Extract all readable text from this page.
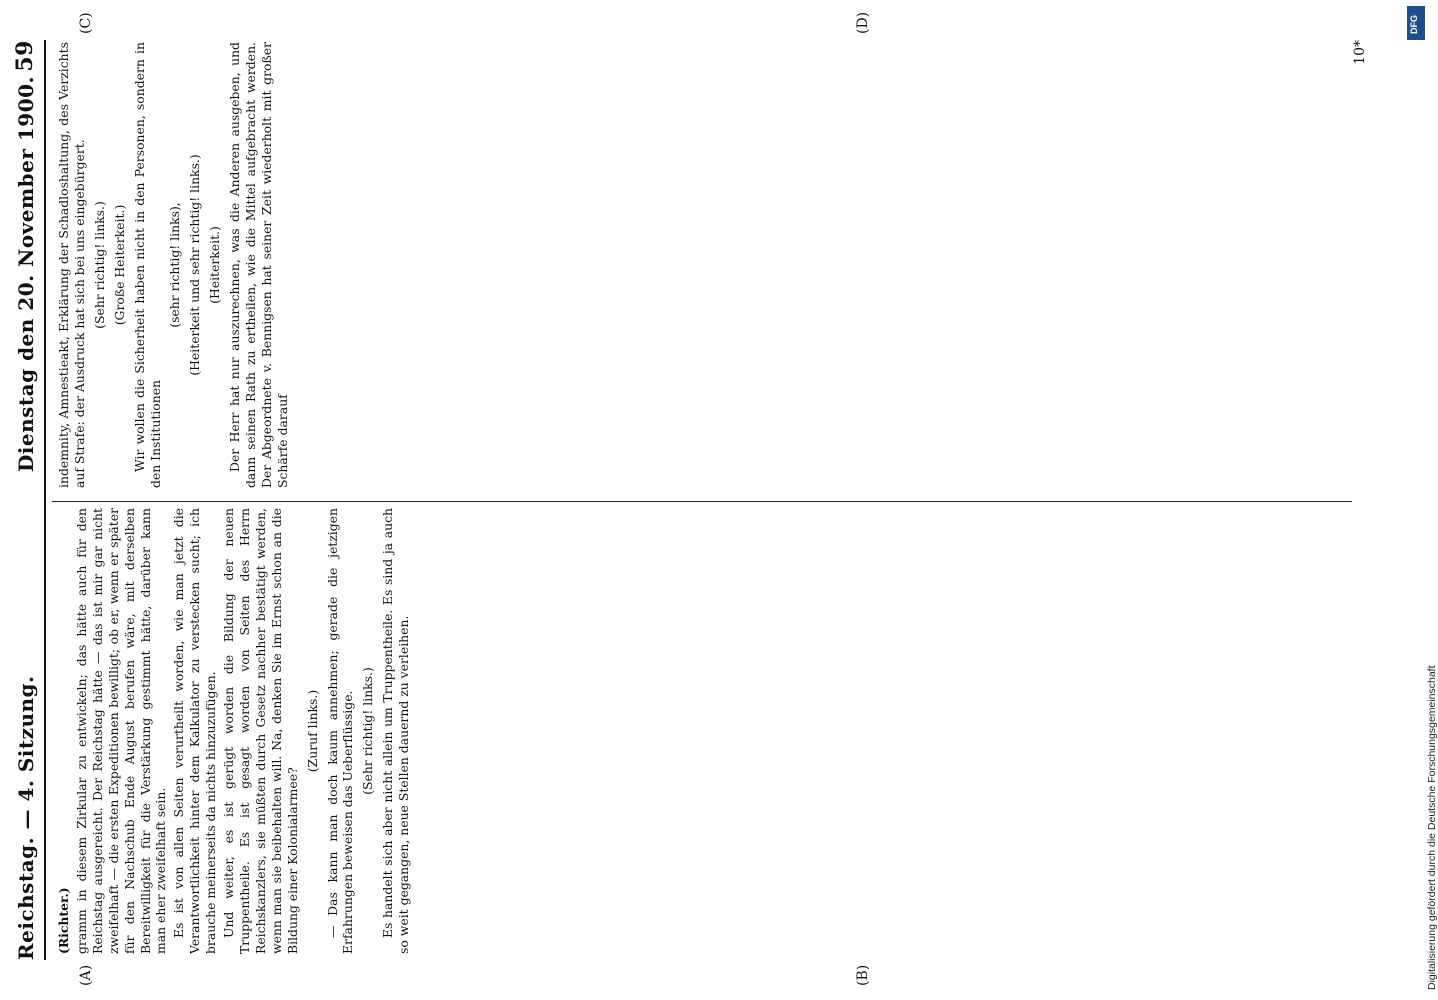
Reichstag. — 4. Sitzung.
Dienstag den 20. November 1900.
59
(A)	(B)
(C)	(D)

(Richter.) gramm in diesem Zirkular zu entwickeln; das hätte auch für den Reichstag ausgereicht. Der Reichstag hätte — das ist mir gar nicht zweifelhaft — die ersten Expeditionen bewilligt; ob er, wenn er später für den Nachschub Ende August berufen wäre, mit derselben Bereitwilligkeit für die Verstärkung gestimmt hätte, darüber kann man eher zweifelhaft sein. Es ist von allen Seiten verurtheilt worden, wie man jetzt die Verantwortlichkeit hinter dem Kalkulator zu verstecken sucht; ich brauche meinerseits da nichts hinzuzufügen. Und weiter, es ist gerügt worden die Bildung der neuen Truppentheile. Es ist gesagt worden von Seiten des Herrn Reichskanzlers, sie müßten durch Gesetz nachher bestätigt werden, wenn man sie beibehalten will. Na, denken Sie im Ernst schon an die Bildung einer Kolonialarmee?

(Zuruf links.) — Das kann man doch kaum annehmen; gerade die jetzigen Erfahrungen beweisen das Ueberflüssige. (Sehr richtig! links.) Es handelt sich aber nicht allein um Truppentheile. Es sind ja auch so weit gegangen, neue Stellen dauernd zu verleihen.

indemnity, Amnestieakt, Erklärung der Schadloshaltung, des Verzichts auf Strafe: der Ausdruck hat sich bei uns eingebürgert. (Sehr richtig! links.) (Große Heiterkeit.) Wir wollen die Sicherheit haben nicht in den Personen, sondern in den Institutionen

(sehr richtig! links), (Heiterkeit und sehr richtig! links.) (Heiterkeit.) Der Herr hat nur auszurechnen, was die Anderen ausgeben, und dann seinen Rath zu ertheilen, wie die Mittel aufgebracht werden. Der Abgeordnete v. Bennigsen hat seiner Zeit wiederholt mit großer Schärfe darauf

10*
DFG
Digitalisierung gefördert durch die Deutsche Forschungsgemeinschaft
